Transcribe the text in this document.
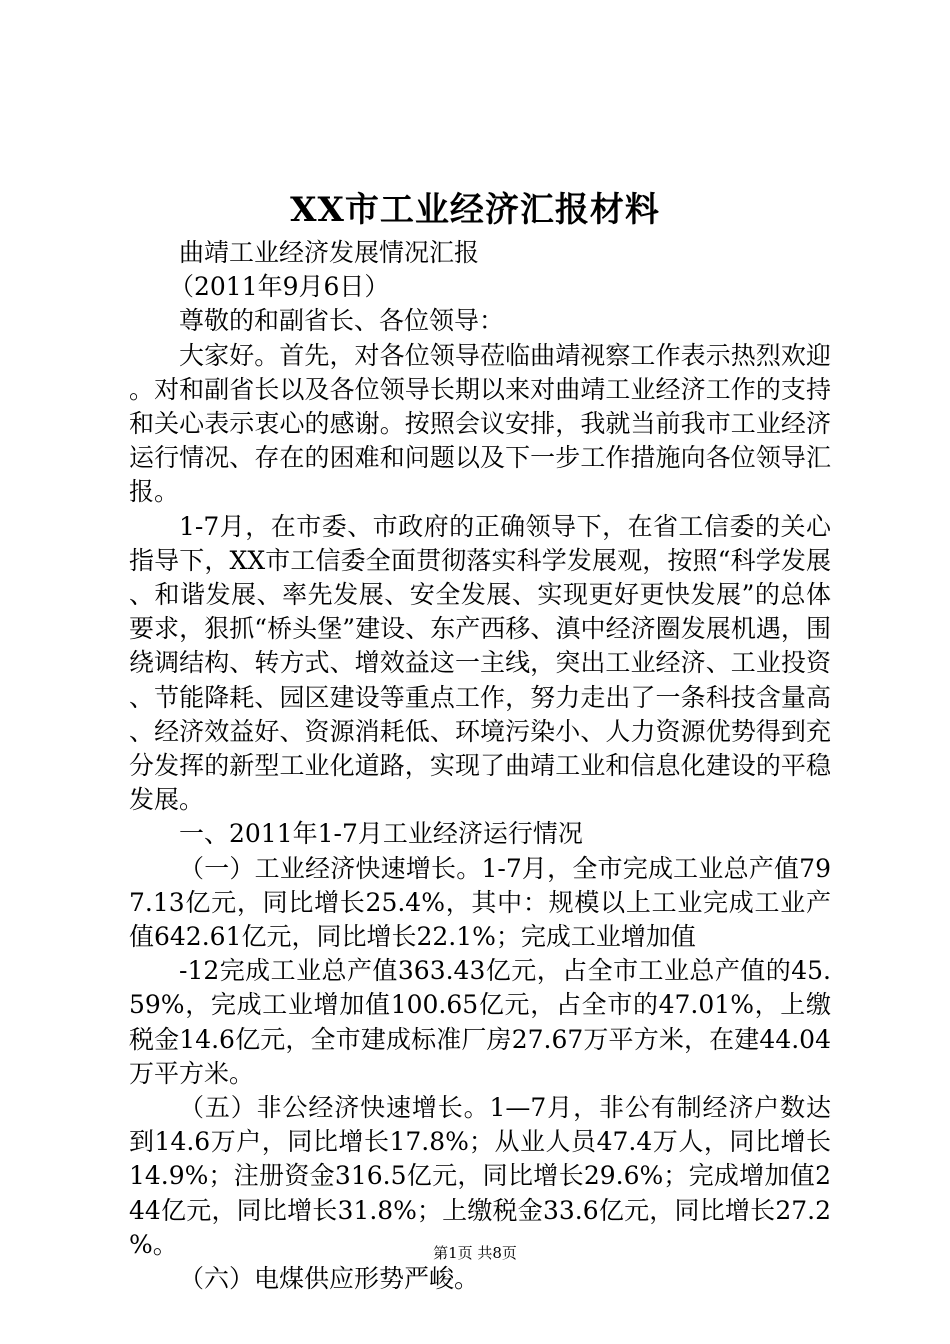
XX市工业经济汇报材料

曲靖工业经济发展情况汇报

（2011年9月6日）

尊敬的和副省长、各位领导：

大家好。首先，对各位领导莅临曲靖视察工作表示热烈欢迎。对和副省长以及各位领导长期以来对曲靖工业经济工作的支持和关心表示衷心的感谢。按照会议安排，我就当前我市工业经济运行情况、存在的困难和问题以及下一步工作措施向各位领导汇报。

1-7月，在市委、市政府的正确领导下，在省工信委的关心指导下，XX市工信委全面贯彻落实科学发展观，按照“科学发展、和谐发展、率先发展、安全发展、实现更好更快发展”的总体要求，狠抓“桥头堡”建设、东产西移、滇中经济圈发展机遇，围绕调结构、转方式、增效益这一主线，突出工业经济、工业投资、节能降耗、园区建设等重点工作，努力走出了一条科技含量高、经济效益好、资源消耗低、环境污染小、人力资源优势得到充分发挥的新型工业化道路，实现了曲靖工业和信息化建设的平稳发展。

一、2011年1-7月工业经济运行情况

（一）工业经济快速增长。1-7月，全市完成工业总产值797.13亿元，同比增长25.4%，其中：规模以上工业完成工业产值642.61亿元，同比增长22.1%；完成工业增加值

-12完成工业总产值363.43亿元，占全市工业总产值的45.59%，完成工业增加值100.65亿元，占全市的47.01%，上缴税金14.6亿元，全市建成标准厂房27.67万平方米，在建44.04万平方米。

（五）非公经济快速增长。1—7月，非公有制经济户数达到14.6万户，同比增长17.8%；从业人员47.4万人，同比增长14.9%；注册资金316.5亿元，同比增长29.6%；完成增加值244亿元，同比增长31.8%；上缴税金33.6亿元，同比增长27.2%。

（六）电煤供应形势严峻。

第1页 共8页
